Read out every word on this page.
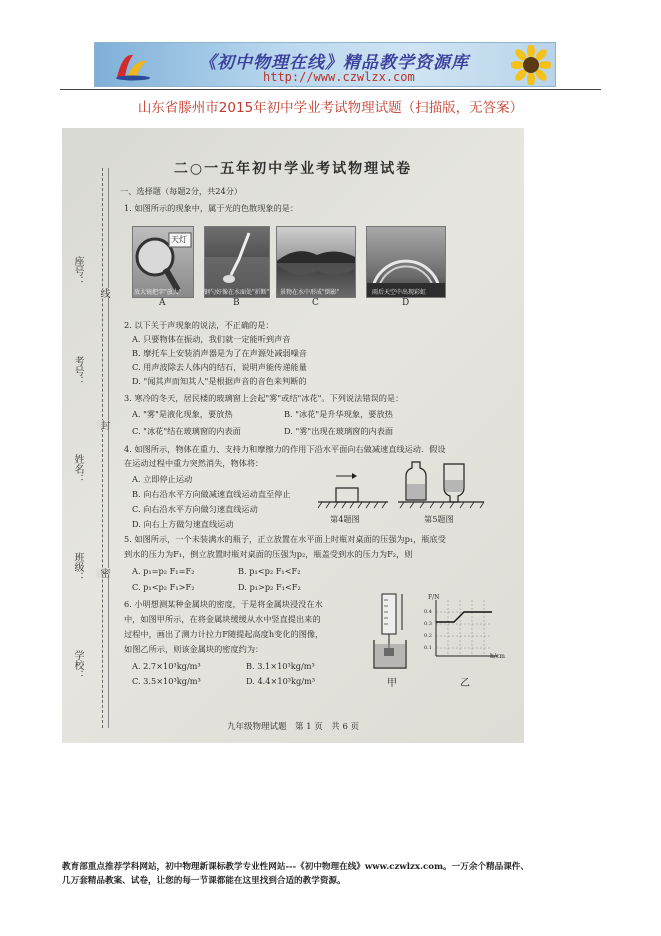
《初中物理在线》精品教学资源库
http://www.czwlzx.com
山东省滕州市2015年初中学业考试物理试题（扫描版，无答案）
座号：
考号：
姓名：
班级：
学校：
线
封
密
二○一五年初中学业考试物理试卷
一、选择题（每题2分，共24分）
1. 如图所示的现象中，属于光的色散现象的是：
天灯
放大镜把字"放大"	钢勺好像在水面处"折断"了 景物在水中形成"倒影"	雨后天空中出现彩虹
A	B	C	D
2. 以下关于声现象的说法，不正确的是：
A. 只要物体在振动，我们就一定能听到声音
B. 摩托车上安装消声器是为了在声源处减弱噪音
C. 用声波除去人体内的结石，说明声能传递能量
D. "闻其声而知其人"是根据声音的音色来判断的
3. 寒冷的冬天，居民楼的玻璃窗上会起"雾"或结"冰花"。下列说法错误的是：
A. "雾"是液化现象，要放热	B. "冰花"是升华现象，要放热
C. "冰花"结在玻璃窗的内表面	D. "雾"出现在玻璃窗的内表面
4. 如图所示，物体在重力、支持力和摩擦力的作用下沿水平面向右做减速直线运动．假设
在运动过程中重力突然消失，物体将：
A. 立即停止运动
B. 向右沿水平方向做减速直线运动直至停止
C. 向右沿水平方向做匀速直线运动
D. 向右上方做匀速直线运动	第4题图	第5题图
5. 如图所示，一个未装满水的瓶子，正立放置在水平面上时瓶对桌面的压强为p₁，瓶底受
到水的压力为F₁，倒立放置时瓶对桌面的压强为p₂，瓶盖受到水的压力为F₂，则
A. p₁=p₂ F₁=F₂	B. p₁<p₂ F₁<F₂
C. p₁<p₂ F₁>F₂	D. p₁>p₂ F₁<F₂
6. 小明想测某种金属块的密度，于是将金属块浸没在水
中，如图甲所示，在将金属块缓缓从水中竖直提出来的
过程中，画出了测力计拉力F随提起高度h变化的图像，
如图乙所示，则该金属块的密度约为：
A. 2.7×10³kg/m³	B. 3.1×10³kg/m³
C. 3.5×10³kg/m³	D. 4.4×10³kg/m³
F/N
h/cm
0.4
0.3
0.2
0.1
甲	乙
九年级物理试题　第 1 页　共 6 页
教育部重点推荐学科网站，初中物理新课标教学专业性网站---《初中物理在线》www.czwlzx.com。一万余个精品课件、
几万套精品教案、试卷，让您的每一节课都能在这里找到合适的教学资源。
